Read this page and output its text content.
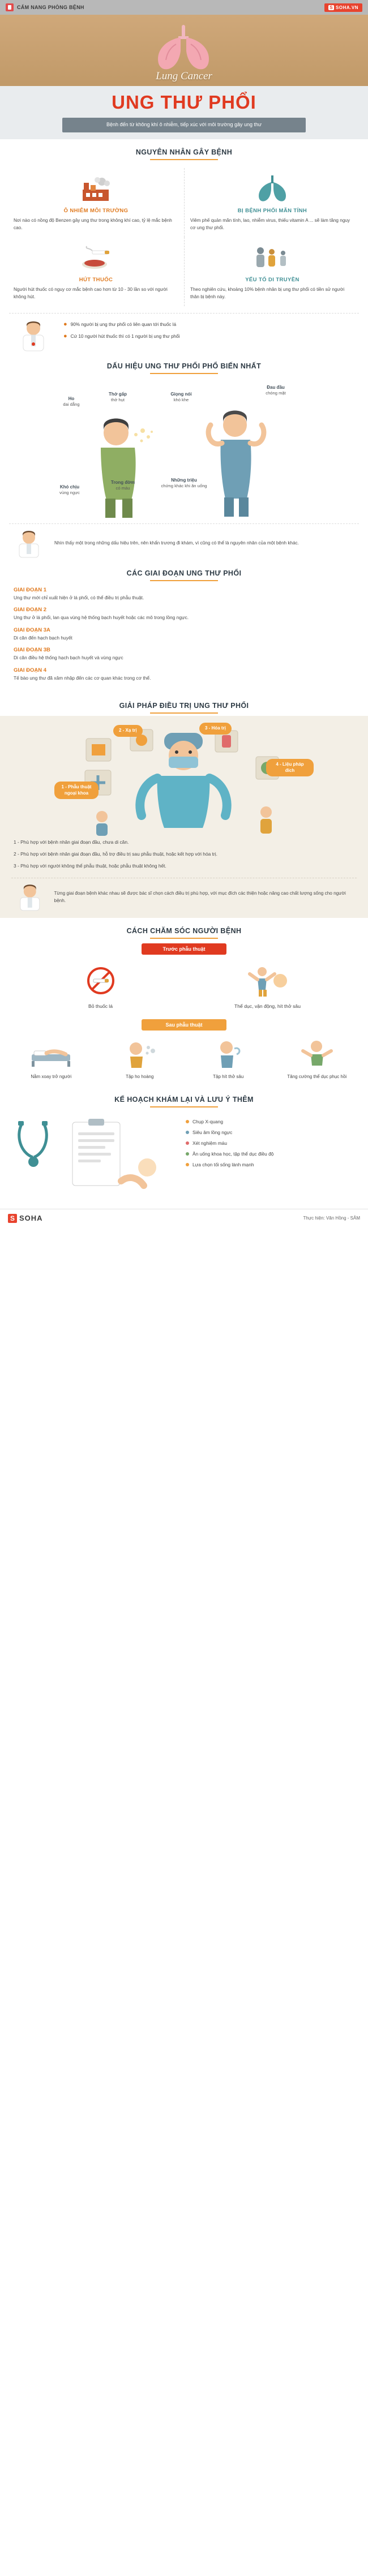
CẨM NANG PHÒNG BỆNH	S SOHA.VN
Lung Cancer
UNG THƯ PHỔI
Bệnh đến từ không khí ô nhiễm, tiếp xúc với môi trường gây ung thư
NGUYÊN NHÂN GÂY BỆNH
Ô NHIỄM MÔI TRƯỜNG
Nơi nào có nồng độ Benzen gây ung thư trong không khí cao, tỷ lệ mắc bệnh cao.
BỊ BỆNH PHỔI MÃN TÍNH
Viêm phế quản mãn tính, lao, nhiễm virus, thiếu vitamin A ... sẽ làm tăng nguy cơ ung thư phổi.
HÚT THUỐC
Người hút thuốc có nguy cơ mắc bệnh cao hơn từ 10 - 30 lần so với người không hút.
YẾU TỐ DI TRUYỀN
Theo nghiên cứu, khoảng 10% bệnh nhân bị ung thư phổi có tiền sử người thân bị bệnh này.
● 90% người bị ung thư phổi có liên quan tới thuốc lá
● Cứ 10 người hút thuốc thì có 1 người bị ung thư phổi
DẤU HIỆU UNG THƯ PHỔI PHỔ BIẾN NHẤT
Ho
dai dẳng
Thở gấp
thở hụt
Giọng nói
khó khe
Đau đầu
chóng mặt
Khó chịu
vùng ngực
Trong đờm
có máu
Những triệu
chứng khác khi ăn uống
Nhìn thấy một trong những dấu hiệu trên, nên khẩn trương đi khám, vì cũng có thể là nguyên nhân của một bệnh khác.
CÁC GIAI ĐOẠN UNG THƯ PHỔI
GIAI ĐOẠN 1
Ung thư mới chỉ xuất hiện ở lá phổi, có thể điều trị phẫu thuật.
GIAI ĐOẠN 2
Ung thư ở lá phổi, lan qua vùng hệ thống bạch huyết hoặc các mô trong lồng ngực.
GIAI ĐOẠN 3A
Di căn đến hạch bạch huyết
GIAI ĐOẠN 3B
Di căn điều hệ thống hạch bạch huyết và vùng ngực
GIAI ĐOẠN 4
Tế bào ung thư đã xâm nhập đến các cơ quan khác trong cơ thể.
GIẢI PHÁP ĐIỀU TRỊ UNG THƯ PHỔI
2 - Xạ trị	3 - Hóa trị
4 - Liệu pháp đích
1 - Phẫu thuật ngoại khoa
1 - Phù hợp với bệnh nhân giai đoạn đầu, chưa di căn.
2 - Phù hợp với bệnh nhân giai đoạn đầu, hỗ trợ điều trị sau phẫu thuật, hoặc kết hợp với hóa trị.
3 - Phù hợp với người không thể phẫu thuật, hoặc phẫu thuật không hết.
Từng giai đoạn bệnh khác nhau sẽ được bác sĩ chọn cách điều trị phù hợp, với mục đích các thiện hoặc nâng cao chất lượng sống cho người bệnh.
CÁCH CHĂM SÓC NGƯỜI BỆNH
Trước phẫu thuật
Bỏ thuốc lá	Thể dục, vận động, hít thở sâu
Sau phẫu thuật
Nằm xoay trở người	Tập ho hoàng	Tập hít thở sâu	Tăng cường thể dục phục hồi
KẾ HOẠCH KHÁM LẠI VÀ LƯU Ý THÊM
Chụp X-quang
Siêu âm lồng ngực
Xét nghiệm máu
Ăn uống khoa học, tập thể dục điều độ
Lựa chọn tối sống lành mạnh
S SOHA	Thực hiện: Văn Hồng - SÂM
